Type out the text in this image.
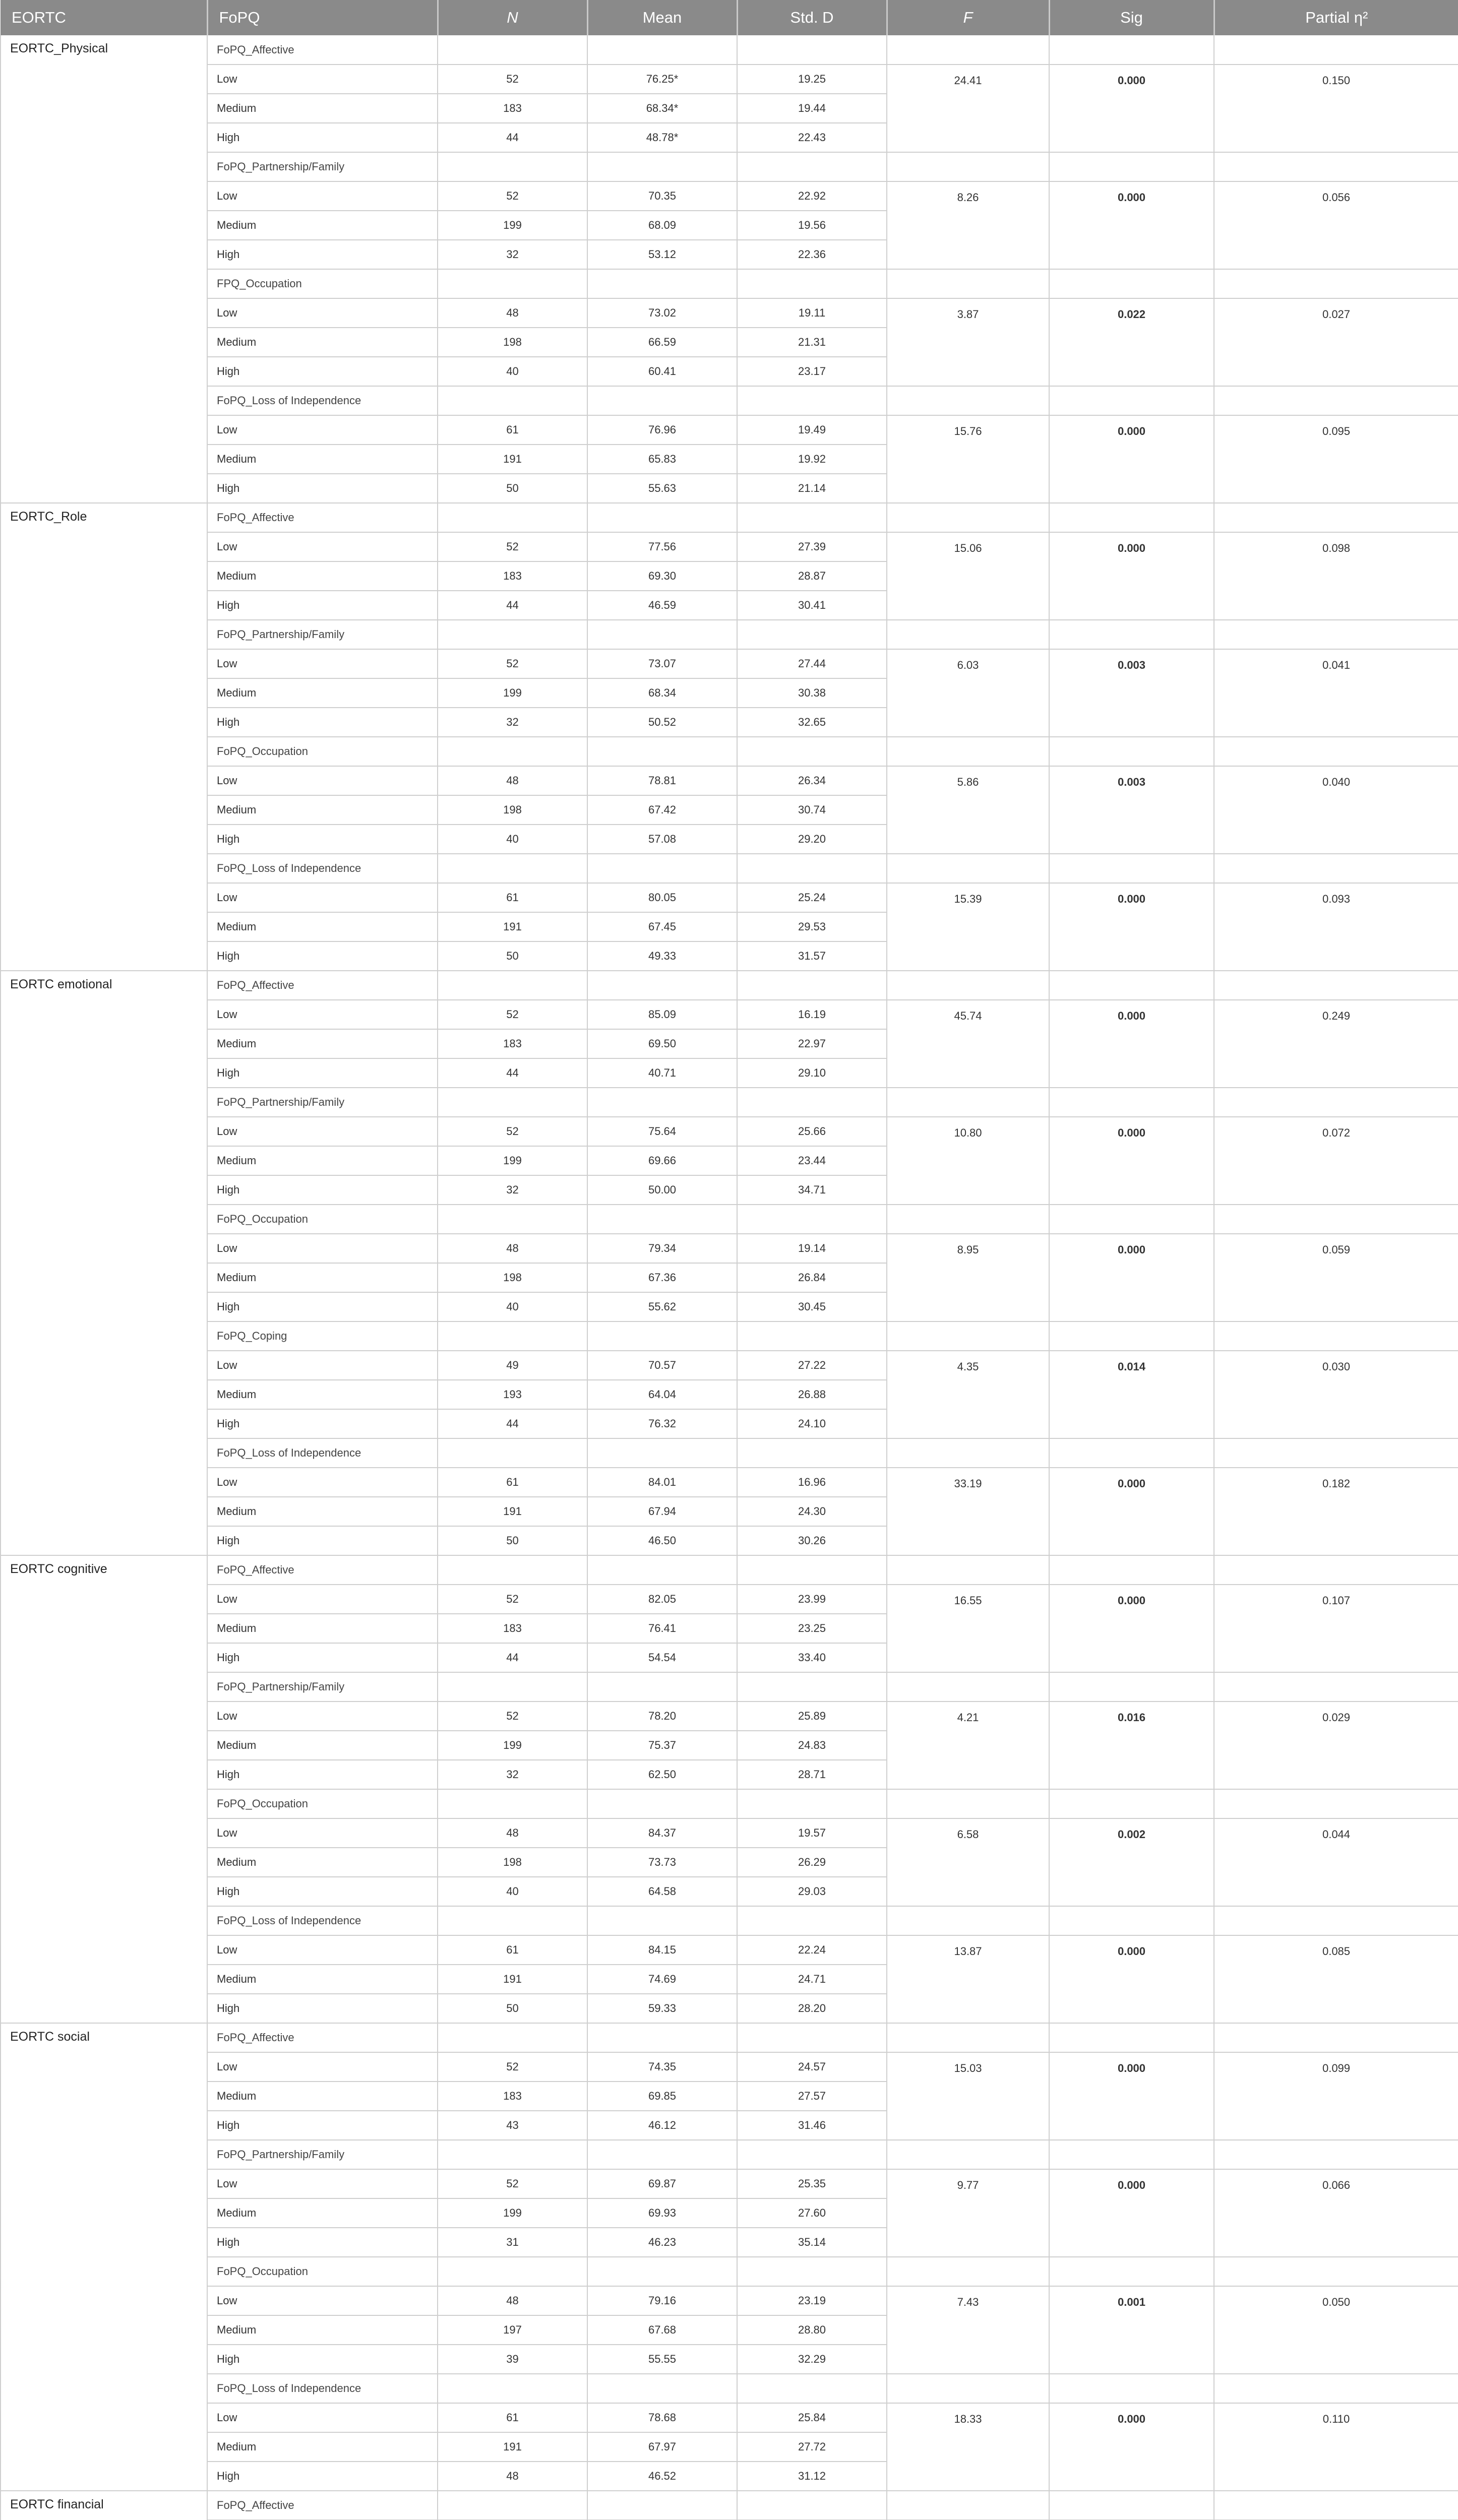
EORTC	FoPQ	N	Mean	Std. D	F	Sig	Partial η²
EORTC_Physical	FoPQ_Affective						
	Low	52	76.25*	19.25	24.41	0.000	0.150
	Medium	183	68.34*	19.44			
	High	44	48.78*	22.43			
	FoPQ_Partnership/Family						
	Low	52	70.35	22.92	8.26	0.000	0.056
	Medium	199	68.09	19.56			
	High	32	53.12	22.36			
	FPQ_Occupation						
	Low	48	73.02	19.11	3.87	0.022	0.027
	Medium	198	66.59	21.31			
	High	40	60.41	23.17			
	FoPQ_Loss of Independence						
	Low	61	76.96	19.49	15.76	0.000	0.095
	Medium	191	65.83	19.92			
	High	50	55.63	21.14			
EORTC_Role	FoPQ_Affective						
	Low	52	77.56	27.39	15.06	0.000	0.098
	Medium	183	69.30	28.87			
	High	44	46.59	30.41			
	FoPQ_Partnership/Family						
	Low	52	73.07	27.44	6.03	0.003	0.041
	Medium	199	68.34	30.38			
	High	32	50.52	32.65			
	FoPQ_Occupation						
	Low	48	78.81	26.34	5.86	0.003	0.040
	Medium	198	67.42	30.74			
	High	40	57.08	29.20			
	FoPQ_Loss of Independence						
	Low	61	80.05	25.24	15.39	0.000	0.093
	Medium	191	67.45	29.53			
	High	50	49.33	31.57			
EORTC emotional	FoPQ_Affective						
	Low	52	85.09	16.19	45.74	0.000	0.249
	Medium	183	69.50	22.97			
	High	44	40.71	29.10			
	FoPQ_Partnership/Family						
	Low	52	75.64	25.66	10.80	0.000	0.072
	Medium	199	69.66	23.44			
	High	32	50.00	34.71			
	FoPQ_Occupation						
	Low	48	79.34	19.14	8.95	0.000	0.059
	Medium	198	67.36	26.84			
	High	40	55.62	30.45			
	FoPQ_Coping						
	Low	49	70.57	27.22	4.35	0.014	0.030
	Medium	193	64.04	26.88			
	High	44	76.32	24.10			
	FoPQ_Loss of Independence						
	Low	61	84.01	16.96	33.19	0.000	0.182
	Medium	191	67.94	24.30			
	High	50	46.50	30.26			
EORTC cognitive	FoPQ_Affective						
	Low	52	82.05	23.99	16.55	0.000	0.107
	Medium	183	76.41	23.25			
	High	44	54.54	33.40			
	FoPQ_Partnership/Family						
	Low	52	78.20	25.89	4.21	0.016	0.029
	Medium	199	75.37	24.83			
	High	32	62.50	28.71			
	FoPQ_Occupation						
	Low	48	84.37	19.57	6.58	0.002	0.044
	Medium	198	73.73	26.29			
	High	40	64.58	29.03			
	FoPQ_Loss of Independence						
	Low	61	84.15	22.24	13.87	0.000	0.085
	Medium	191	74.69	24.71			
	High	50	59.33	28.20			
EORTC social	FoPQ_Affective						
	Low	52	74.35	24.57	15.03	0.000	0.099
	Medium	183	69.85	27.57			
	High	43	46.12	31.46			
	FoPQ_Partnership/Family						
	Low	52	69.87	25.35	9.77	0.000	0.066
	Medium	199	69.93	27.60			
	High	31	46.23	35.14			
	FoPQ_Occupation						
	Low	48	79.16	23.19	7.43	0.001	0.050
	Medium	197	67.68	28.80			
	High	39	55.55	32.29			
	FoPQ_Loss of Independence						
	Low	61	78.68	25.84	18.33	0.000	0.110
	Medium	191	67.97	27.72			
	High	48	46.52	31.12			
EORTC financial	FoPQ_Affective						
